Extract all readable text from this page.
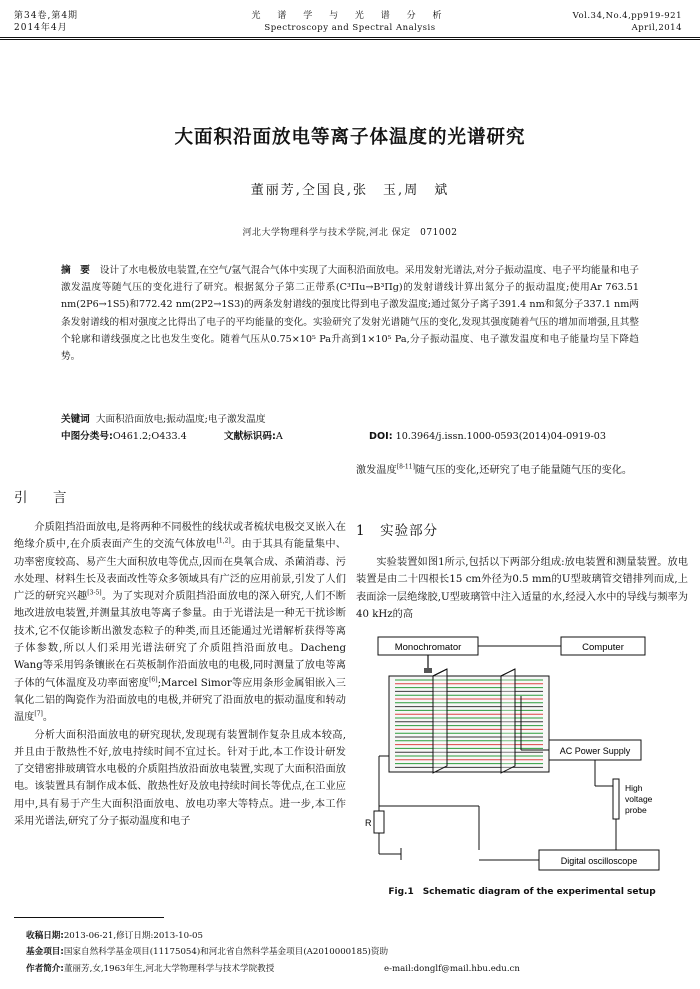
第34卷,第4期
2014年4月
光 谱 学 与 光 谱 分 析
Spectroscopy and Spectral Analysis
Vol.34,No.4,pp919-921
April,2014
大面积沿面放电等离子体温度的光谱研究
董丽芳,仝国良,张　玉,周　斌
河北大学物理科学与技术学院,河北 保定　071002
摘　要 设计了水电极放电装置,在空气/氩气混合气体中实现了大面积沿面放电。采用发射光谱法,对分子振动温度、电子平均能量和电子激发温度等随气压的变化进行了研究。根据氮分子第二正带系(C³Πu→B³Πg)的发射谱线计算出氮分子的振动温度;使用Ar 763.51 nm(2P6→1S5)和772.42 nm(2P2→1S3)的两条发射谱线的强度比得到电子激发温度;通过氮分子离子391.4 nm和氮分子337.1 nm两条发射谱线的相对强度之比得出了电子的平均能量的变化。实验研究了发射光谱随气压的变化,发现其强度随着气压的增加而增强,且其整个轮廓和谱线强度之比也发生变化。随着气压从0.75×10⁵ Pa升高到1×10⁵ Pa,分子振动温度、电子激发温度和电子能量均呈下降趋势。
关键词 大面积沿面放电;振动温度;电子激发温度
中图分类号:O461.2;O433.4	文献标识码:A	DOI: 10.3964/j.issn.1000-0593(2014)04-0919-03
引　言

介质阻挡沿面放电,是将两种不同极性的线状或者梳状电极交叉嵌入在绝缘介质中,在介质表面产生的交流气体放电[1,2]。由于其具有能量集中、功率密度较高、易产生大面积放电等优点,因而在臭氧合成、杀菌消毒、污水处理、材料生长及表面改性等众多领域具有广泛的应用前景,引发了人们广泛的研究兴趣[3-5]。为了实现对介质阻挡沿面放电的深入研究,人们不断地改进放电装置,并测量其放电等离子参量。由于光谱法是一种无干扰诊断技术,它不仅能诊断出激发态粒子的种类,而且还能通过光谱解析获得等离子体参数,所以人们采用光谱法研究了介质阻挡沿面放电。Dacheng Wang等采用钨条镶嵌在石英板制作沿面放电的电极,同时测量了放电等离子体的气体温度及功率面密度[6];Marcel Simor等应用条形金属钼嵌入三氧化二铝的陶瓷作为沿面放电的电极,并研究了沿面放电的振动温度和转动温度[7]。

分析大面积沿面放电的研究现状,发现现有装置制作复杂且成本较高,并且由于散热性不好,放电持续时间不宜过长。针对于此,本工作设计研发了交错密排玻璃管水电极的介质阻挡放沿面放电装置,实现了大面积沿面放电。该装置具有制作成本低、散热性好及放电持续时间长等优点,在工业应用中,具有易于产生大面积沿面放电、放电功率大等特点。进一步,本工作采用光谱法,研究了分子振动温度和电子

激发温度[8-11]随气压的变化,还研究了电子能量随气压的变化。
1　实验部分

实验装置如图1所示,包括以下两部分组成:放电装置和测量装置。放电装置是由二十四根长15 cm外径为0.5 mm的U型玻璃管交错排列而成,上表面涂一层绝缘胶,U型玻璃管中注入适量的水,经浸入水中的导线与频率为40 kHz的高

Monochromator	Computer
AC Power Supply
R
High
voltage
probe
Digital oscilloscope
Fig.1　Schematic diagram of the experimental setup
收稿日期:2013-06-21,修订日期:2013-10-05
基金项目:国家自然科学基金项目(11175054)和河北省自然科学基金项目(A2010000185)资助
作者简介:董丽芳,女,1963年生,河北大学物理科学与技术学院教授	e-mail:donglf@mail.hbu.edu.cn
